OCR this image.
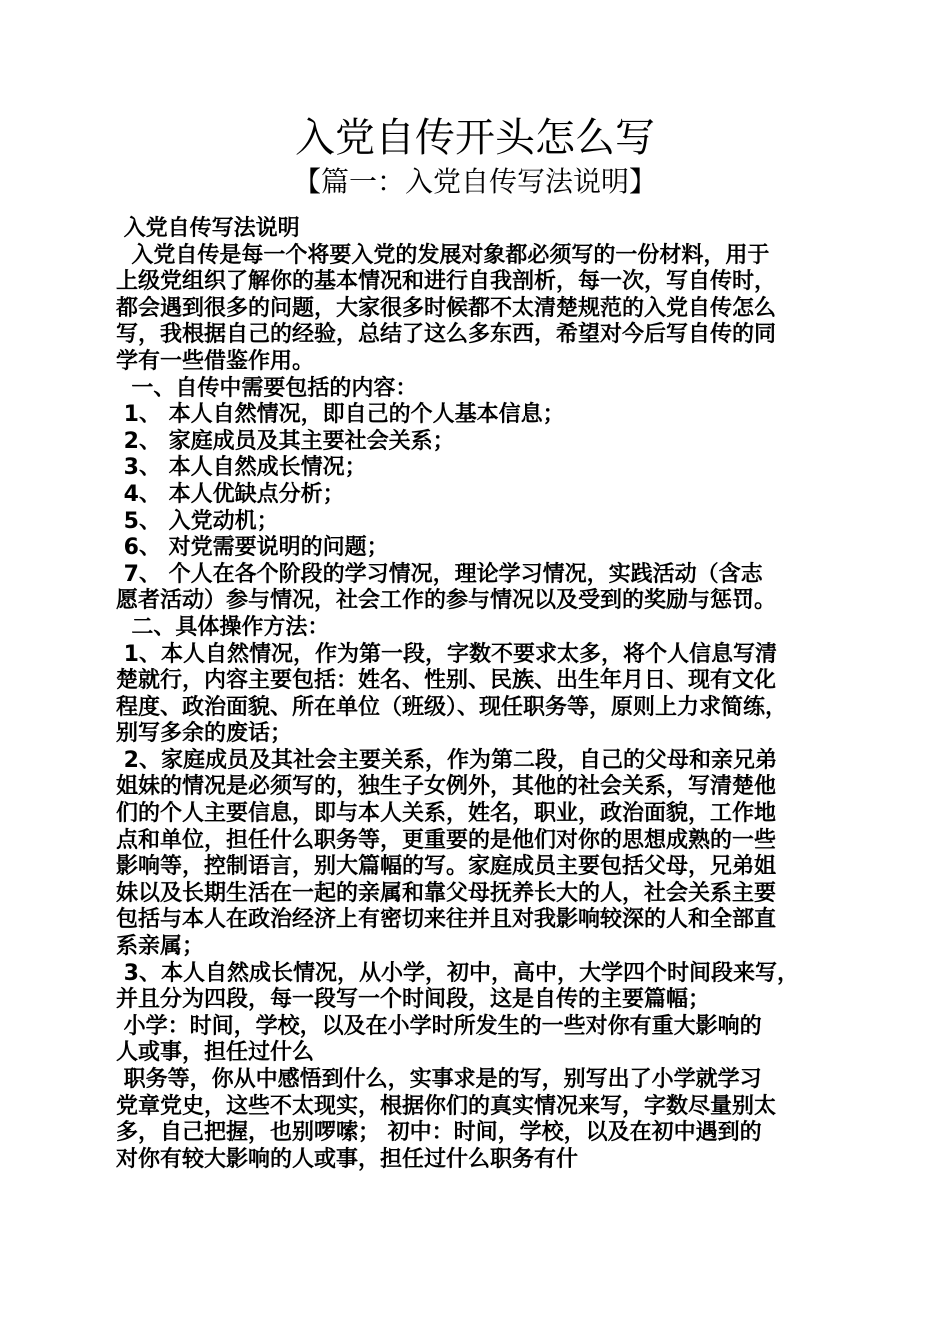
入党自传开头怎么写
【篇一：入党自传写法说明】
入党自传写法说明
入党自传是每一个将要入党的发展对象都必须写的一份材料，用于
上级党组织了解你的基本情况和进行自我剖析，每一次，写自传时，
都会遇到很多的问题，大家很多时候都不太清楚规范的入党自传怎么
写，我根据自己的经验，总结了这么多东西，希望对今后写自传的同
学有一些借鉴作用。
一、自传中需要包括的内容：
1、 本人自然情况，即自己的个人基本信息；
2、 家庭成员及其主要社会关系；
3、 本人自然成长情况；
4、 本人优缺点分析；
5、 入党动机；
6、 对党需要说明的问题；
7、 个人在各个阶段的学习情况，理论学习情况，实践活动（含志
愿者活动）参与情况，社会工作的参与情况以及受到的奖励与惩罚。
二、具体操作方法：
1、本人自然情况，作为第一段，字数不要求太多，将个人信息写清
楚就行，内容主要包括：姓名、性别、民族、出生年月日、现有文化
程度、政治面貌、所在单位（班级）、现任职务等，原则上力求简练，
别写多余的废话；
2、家庭成员及其社会主要关系，作为第二段，自己的父母和亲兄弟
姐妹的情况是必须写的，独生子女例外，其他的社会关系，写清楚他
们的个人主要信息，即与本人关系，姓名，职业，政治面貌，工作地
点和单位，担任什么职务等，更重要的是他们对你的思想成熟的一些
影响等，控制语言，别大篇幅的写。家庭成员主要包括父母，兄弟姐
妹以及长期生活在一起的亲属和靠父母抚养长大的人，社会关系主要
包括与本人在政治经济上有密切来往并且对我影响较深的人和全部直
系亲属；
3、本人自然成长情况，从小学，初中，高中，大学四个时间段来写，
并且分为四段，每一段写一个时间段，这是自传的主要篇幅；
小学：时间，学校，以及在小学时所发生的一些对你有重大影响的
人或事，担任过什么
职务等，你从中感悟到什么，实事求是的写，别写出了小学就学习
党章党史，这些不太现实，根据你们的真实情况来写，字数尽量别太
多，自己把握，也别啰嗦； 初中：时间，学校，以及在初中遇到的
对你有较大影响的人或事，担任过什么职务有什
